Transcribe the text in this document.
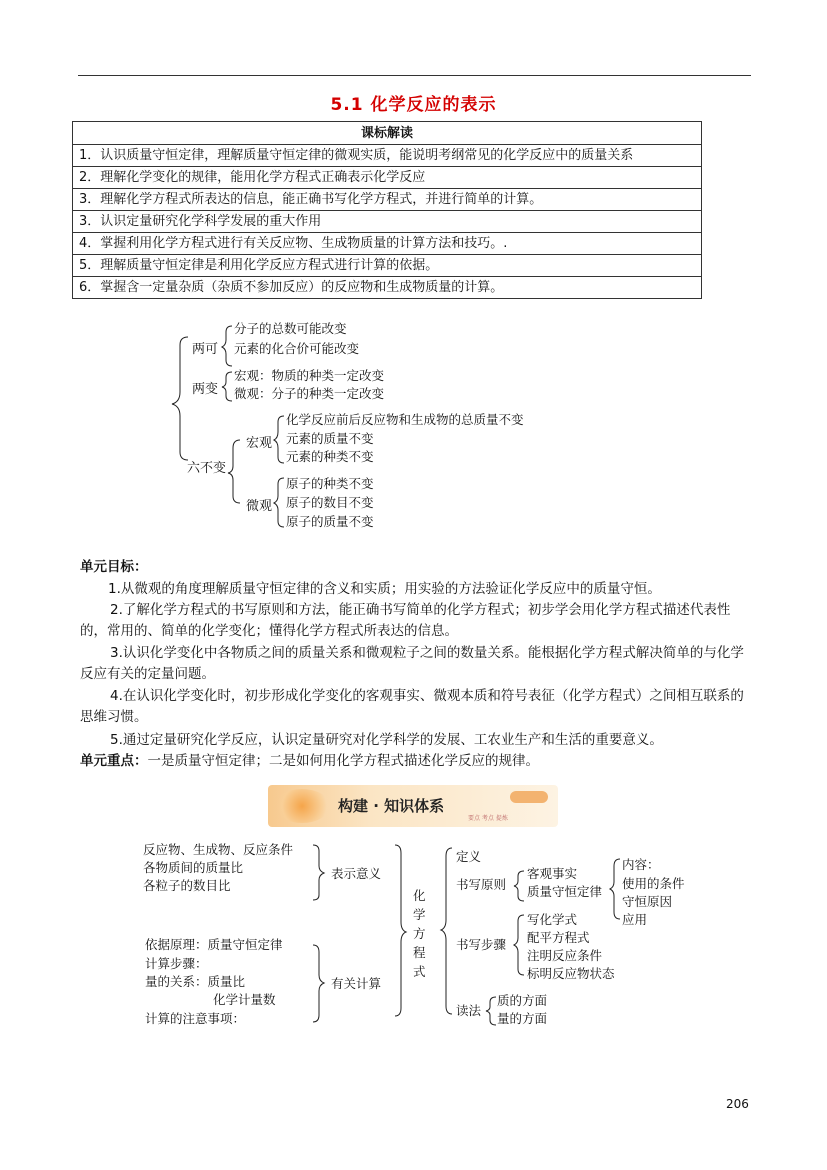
5.1 化学反应的表示
课标解读
1．认识质量守恒定律，理解质量守恒定律的微观实质，能说明考纲常见的化学反应中的质量关系
2．理解化学变化的规律，能用化学方程式正确表示化学反应
3．理解化学方程式所表达的信息，能正确书写化学方程式，并进行简单的计算。
3．认识定量研究化学科学发展的重大作用
4．掌握利用化学方程式进行有关反应物、生成物质量的计算方法和技巧。.
5．理解质量守恒定律是利用化学反应方程式进行计算的依据。
6．掌握含一定量杂质（杂质不参加反应）的反应物和生成物质量的计算。
两可
分子的总数可能改变
元素的化合价可能改变
两变
宏观：物质的种类一定改变
微观：分子的种类一定改变
六不变
宏观
化学反应前后反应物和生成物的总质量不变
元素的质量不变
元素的种类不变
微观
原子的种类不变
原子的数目不变
原子的质量不变
单元目标：
1.从微观的角度理解质量守恒定律的含义和实质；用实验的方法验证化学反应中的质量守恒。
2.了解化学方程式的书写原则和方法，能正确书写简单的化学方程式；初步学会用化学方程式描述代表性的，常用的、简单的化学变化；懂得化学方程式所表达的信息。
3.认识化学变化中各物质之间的质量关系和微观粒子之间的数量关系。能根据化学方程式解决简单的与化学反应有关的定量问题。
4.在认识化学变化时，初步形成化学变化的客观事实、微观本质和符号表征（化学方程式）之间相互联系的思维习惯。
5.通过定量研究化学反应，认识定量研究对化学科学的发展、工农业生产和生活的重要意义。
单元重点：一是质量守恒定律；二是如何用化学方程式描述化学反应的规律。
构建 · 知识体系
要点 考点 提炼
反应物、生成物、反应条件
各物质间的质量比
各粒子的数目比
表示意义
依据原理：质量守恒定律
计算步骤：
量的关系：质量比
化学计量数
计算的注意事项：
有关计算
化
学
方
程
式
定义
书写原则
客观事实
质量守恒定律
内容：
使用的条件
守恒原因
应用
书写步骤
写化学式
配平方程式
注明反应条件
标明反应物状态
读法
质的方面
量的方面
206
